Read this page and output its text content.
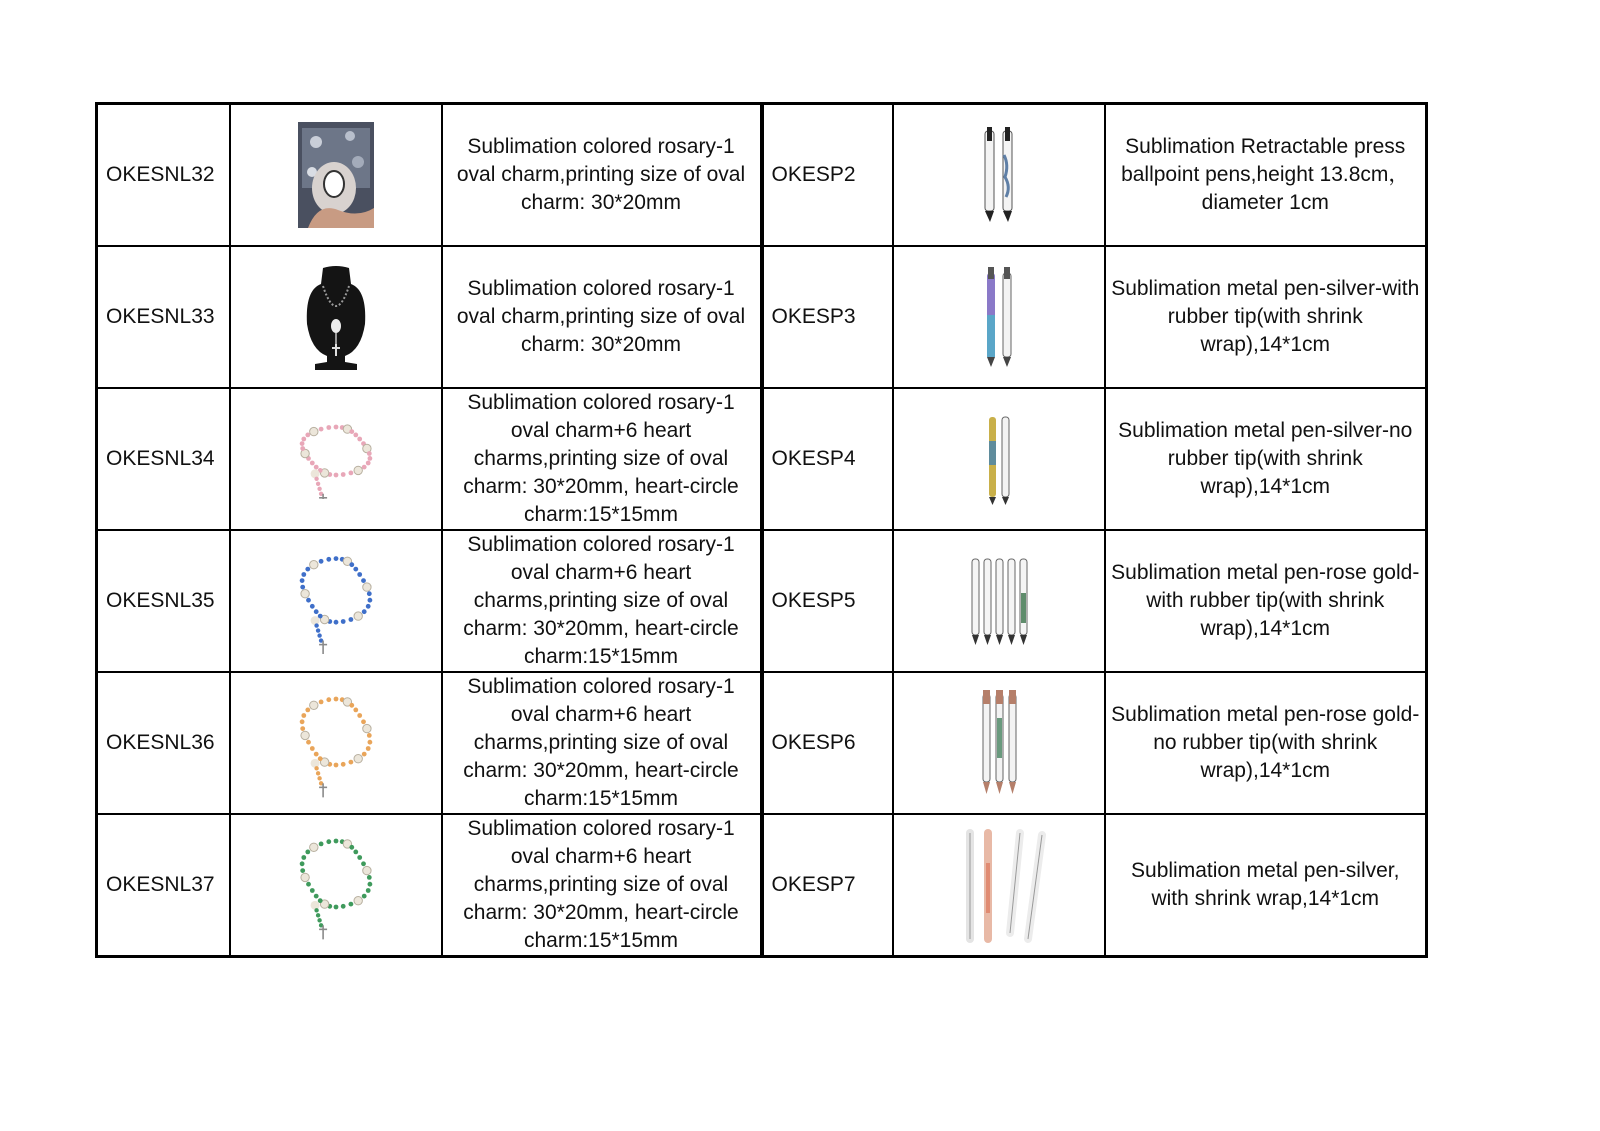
OKESNL32		Sublimation colored rosary-1 oval charm,printing size of oval charm: 30*20mm	OKESP2		Sublimation Retractable press ballpoint pens,height 13.8cm，diameter 1cm
OKESNL33		Sublimation colored rosary-1 oval charm,printing size of oval charm: 30*20mm	OKESP3		Sublimation metal pen-silver-with rubber tip(with shrink wrap),14*1cm
OKESNL34		Sublimation colored rosary-1 oval charm+6 heart charms,printing size of oval charm: 30*20mm, heart-circle charm:15*15mm	OKESP4		Sublimation metal pen-silver-no rubber tip(with shrink wrap),14*1cm
OKESNL35		Sublimation colored rosary-1 oval charm+6 heart charms,printing size of oval charm: 30*20mm, heart-circle charm:15*15mm	OKESP5		Sublimation metal pen-rose gold-with rubber tip(with shrink wrap),14*1cm
OKESNL36		Sublimation colored rosary-1 oval charm+6 heart charms,printing size of oval charm: 30*20mm, heart-circle charm:15*15mm	OKESP6		Sublimation metal pen-rose gold-no rubber tip(with shrink wrap),14*1cm
OKESNL37		Sublimation colored rosary-1 oval charm+6 heart charms,printing size of oval charm: 30*20mm, heart-circle charm:15*15mm	OKESP7		Sublimation metal pen-silver, with shrink wrap,14*1cm
